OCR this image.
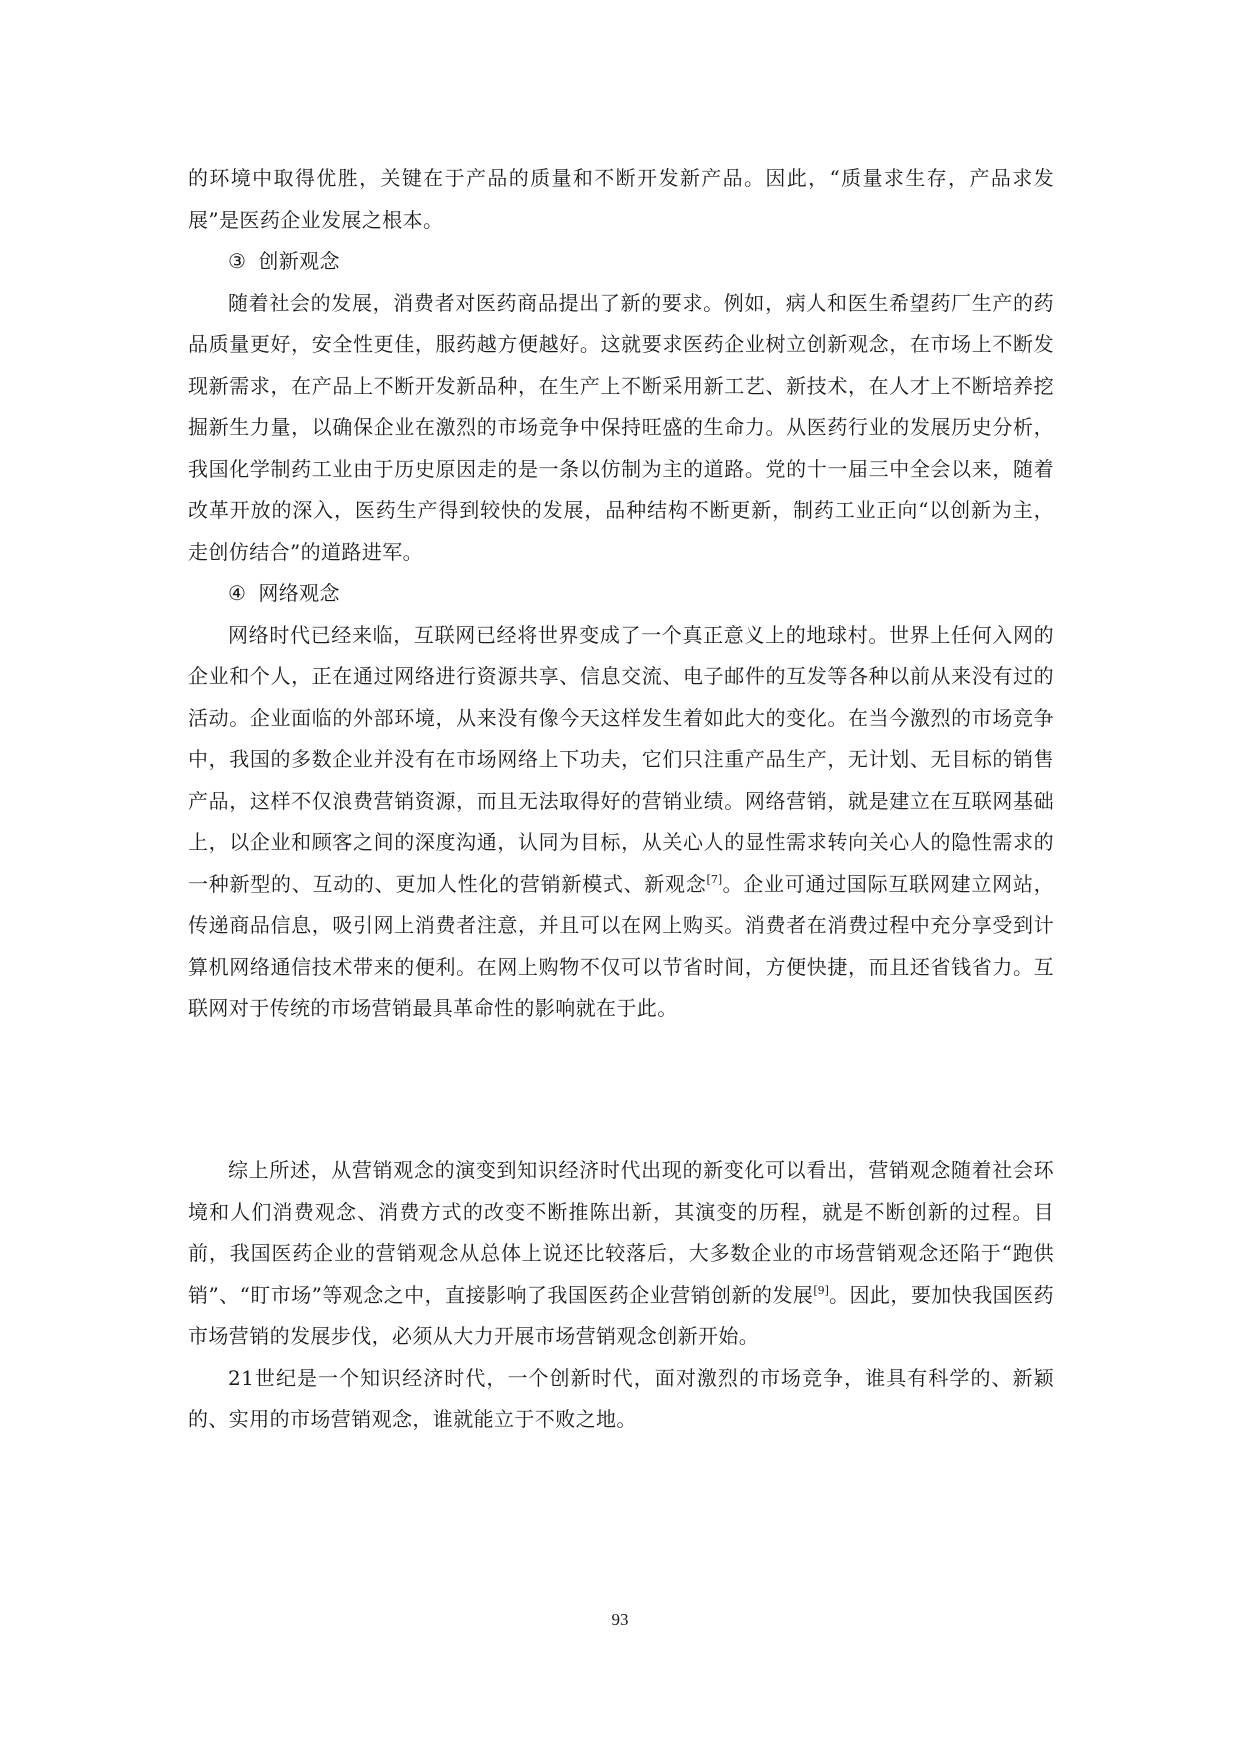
的环境中取得优胜，关键在于产品的质量和不断开发新产品。因此，“质量求生存，产品求发展”是医药企业发展之根本。

③ 创新观念

随着社会的发展，消费者对医药商品提出了新的要求。例如，病人和医生希望药厂生产的药品质量更好，安全性更佳，服药越方便越好。这就要求医药企业树立创新观念，在市场上不断发现新需求，在产品上不断开发新品种，在生产上不断采用新工艺、新技术，在人才上不断培养挖掘新生力量，以确保企业在激烈的市场竞争中保持旺盛的生命力。从医药行业的发展历史分析，我国化学制药工业由于历史原因走的是一条以仿制为主的道路。党的十一届三中全会以来，随着改革开放的深入，医药生产得到较快的发展，品种结构不断更新，制药工业正向“以创新为主，走创仿结合”的道路进军。

④ 网络观念

网络时代已经来临，互联网已经将世界变成了一个真正意义上的地球村。世界上任何入网的企业和个人，正在通过网络进行资源共享、信息交流、电子邮件的互发等各种以前从来没有过的活动。企业面临的外部环境，从来没有像今天这样发生着如此大的变化。在当今激烈的市场竞争中，我国的多数企业并没有在市场网络上下功夫，它们只注重产品生产，无计划、无目标的销售产品，这样不仅浪费营销资源，而且无法取得好的营销业绩。网络营销，就是建立在互联网基础上，以企业和顾客之间的深度沟通，认同为目标，从关心人的显性需求转向关心人的隐性需求的一种新型的、互动的、更加人性化的营销新模式、新观念[7]。企业可通过国际互联网建立网站，传递商品信息，吸引网上消费者注意，并且可以在网上购买。消费者在消费过程中充分享受到计算机网络通信技术带来的便利。在网上购物不仅可以节省时间，方便快捷，而且还省钱省力。互联网对于传统的市场营销最具革命性的影响就在于此。

综上所述，从营销观念的演变到知识经济时代出现的新变化可以看出，营销观念随着社会环境和人们消费观念、消费方式的改变不断推陈出新，其演变的历程，就是不断创新的过程。目前，我国医药企业的营销观念从总体上说还比较落后，大多数企业的市场营销观念还陷于“跑供销”、“盯市场”等观念之中，直接影响了我国医药企业营销创新的发展[9]。因此，要加快我国医药市场营销的发展步伐，必须从大力开展市场营销观念创新开始。

21世纪是一个知识经济时代，一个创新时代，面对激烈的市场竞争，谁具有科学的、新颖的、实用的市场营销观念，谁就能立于不败之地。

93
